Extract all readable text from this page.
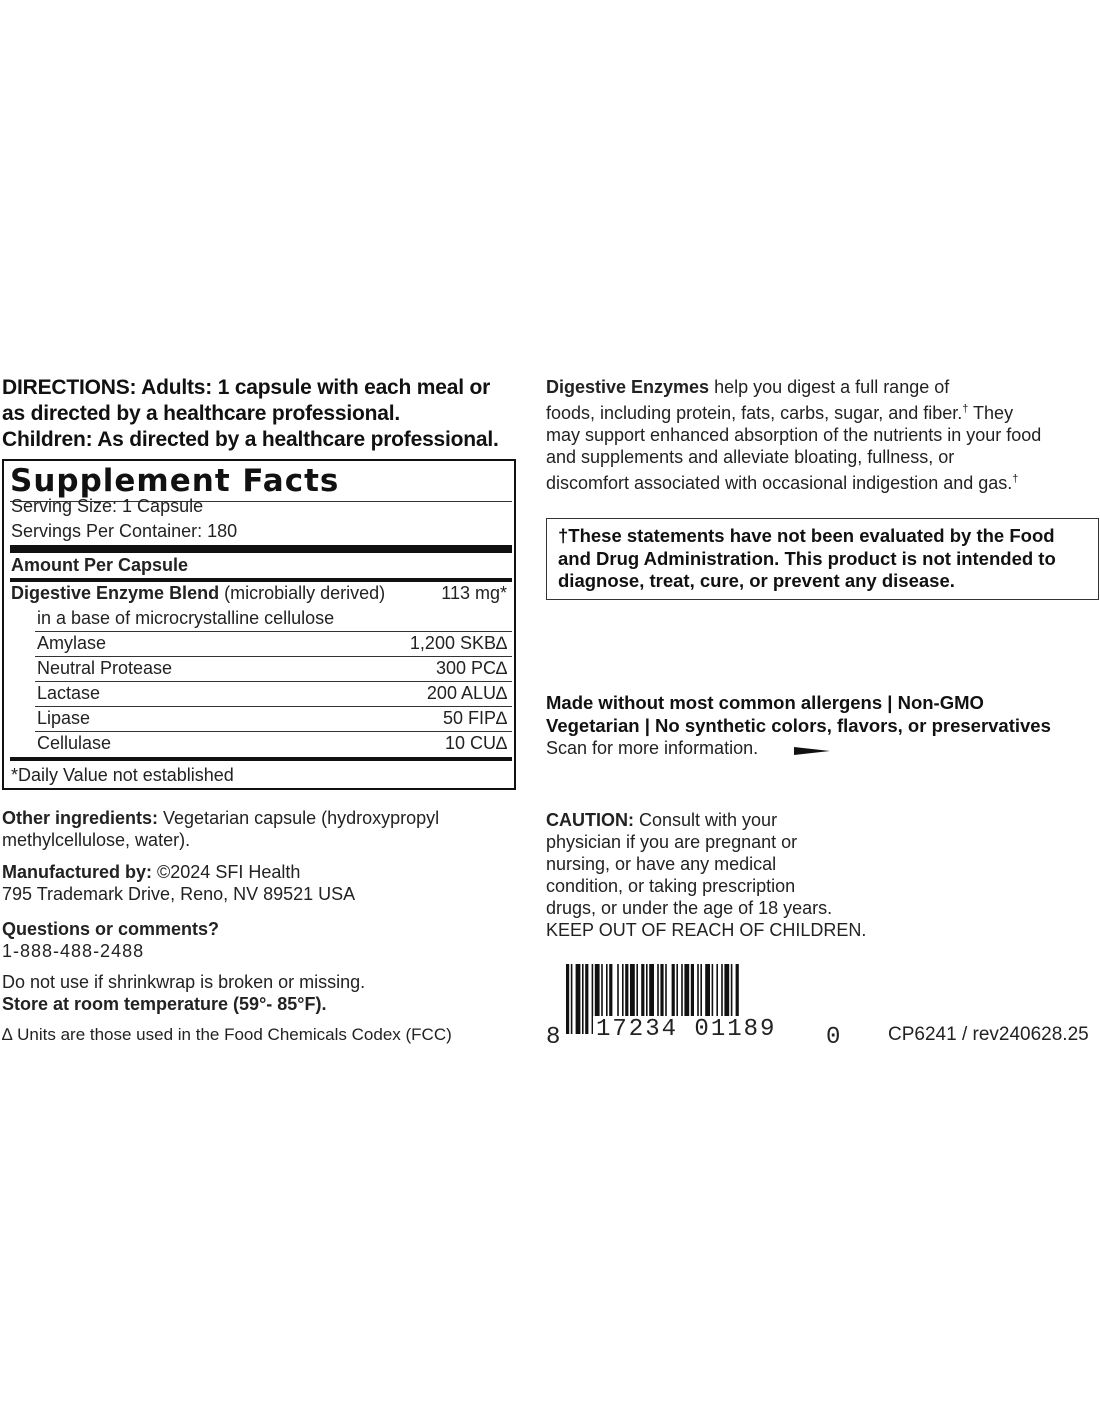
DIRECTIONS: Adults: 1 capsule with each meal or
as directed by a healthcare professional.
Children: As directed by a healthcare professional.
Supplement Facts
Serving Size: 1 Capsule
Servings Per Container: 180
Amount Per Capsule
Digestive Enzyme Blend (microbially derived)	113 mg*
in a base of microcrystalline cellulose
Amylase	1,200 SKB∆
Neutral Protease	300 PC∆
Lactase	200 ALU∆
Lipase	50 FIP∆
Cellulase	10 CU∆
*Daily Value not established
Digestive Enzymes help you digest a full range of
foods, including protein, fats, carbs, sugar, and fiber.† They
may support enhanced absorption of the nutrients in your food
and supplements and alleviate bloating, fullness, or
discomfort associated with occasional indigestion and gas.†
†These statements have not been evaluated by the Food
and Drug Administration. This product is not intended to
diagnose, treat, cure, or prevent any disease.
Made without most common allergens | Non-GMO
Vegetarian | No synthetic colors, flavors, or preservatives
Scan for more information.
Other ingredients: Vegetarian capsule (hydroxypropyl
methylcellulose, water).
Manufactured by: ©2024 SFI Health
795 Trademark Drive, Reno, NV 89521 USA
Questions or comments?
1-888-488-2488
Do not use if shrinkwrap is broken or missing.
Store at room temperature (59°- 85°F).
∆ Units are those used in the Food Chemicals Codex (FCC)
CAUTION: Consult with your
physician if you are pregnant or
nursing, or have any medical
condition, or taking prescription
drugs, or under the age of 18 years.
KEEP OUT OF REACH OF CHILDREN.
8 17234 01189 0	CP6241 / rev240628.25
